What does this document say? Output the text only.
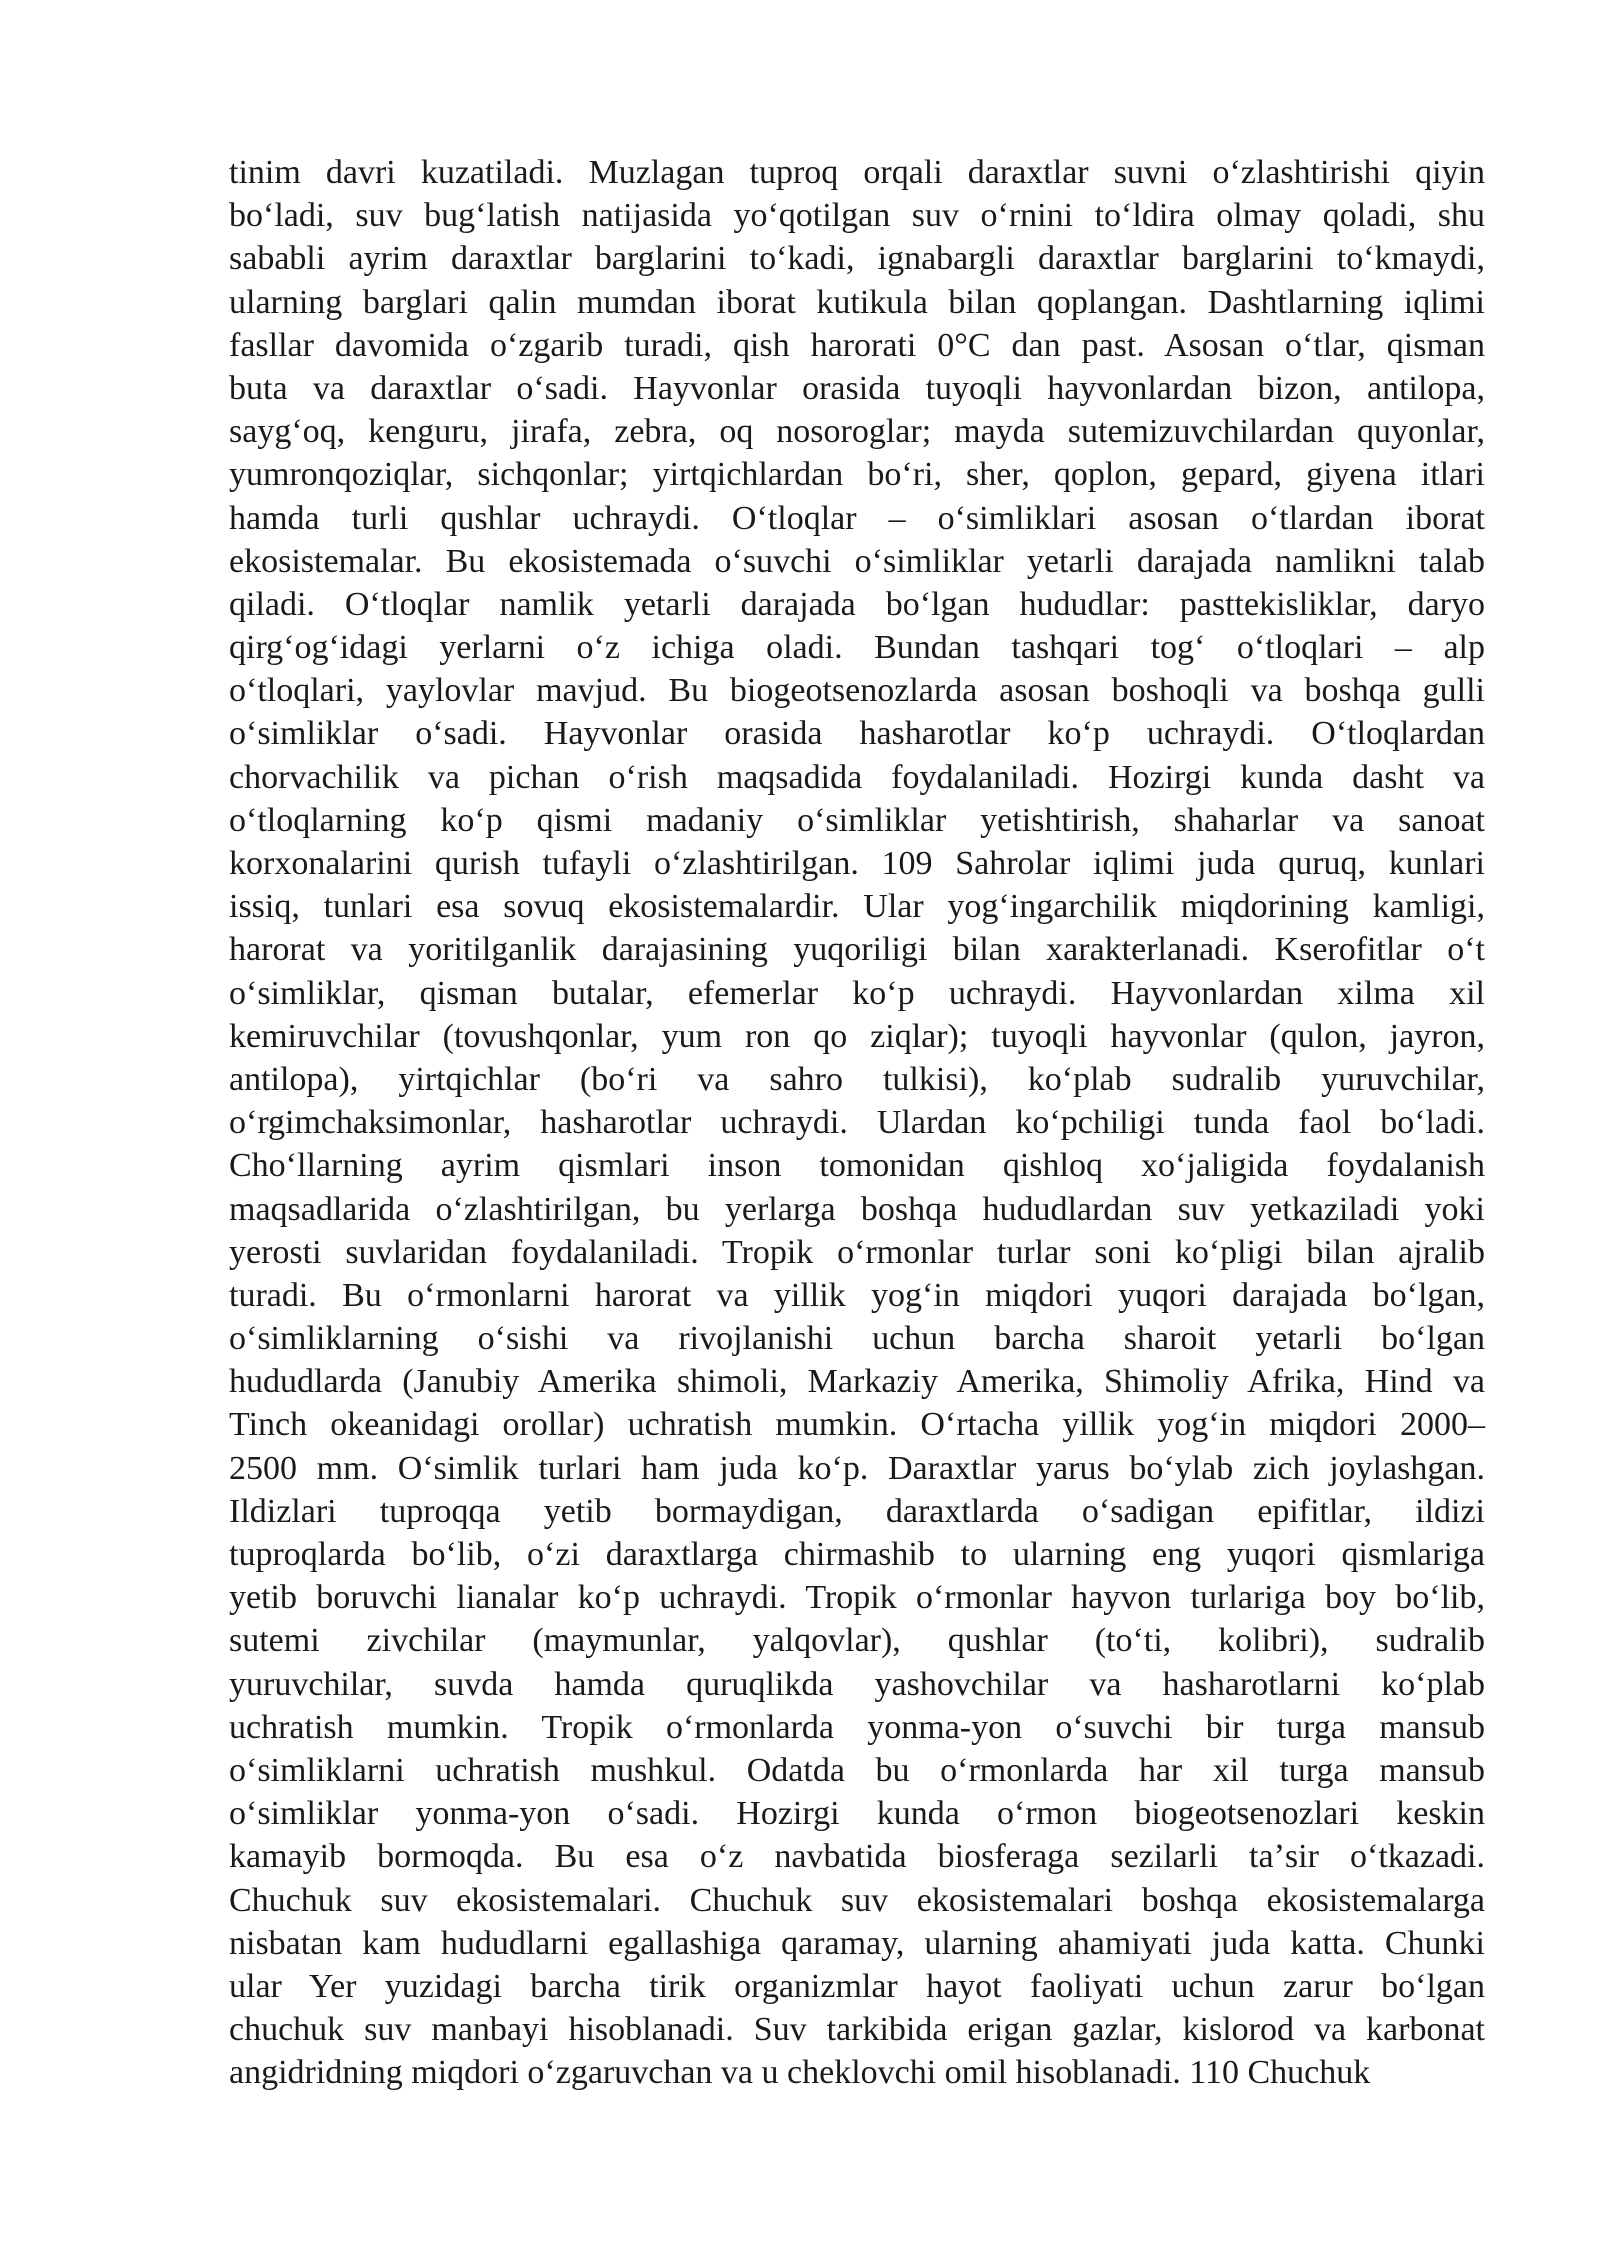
tinim davri kuzatiladi. Muzlagan tuproq orqali daraxtlar suvni oʻzlashtirishi qiyin
boʻladi, suv bugʻlatish natijasida yoʻqotilgan suv oʻrnini toʻldira olmay qoladi, shu
sababli ayrim daraxtlar barglarini toʻkadi, ignabargli daraxtlar barglarini toʻkmaydi,
ularning barglari qalin mumdan iborat kutikula bilan qoplangan. Dashtlarning iqlimi
fasllar davomida oʻzgarib turadi, qish harorati 0°C dan past. Asosan oʻtlar, qisman
buta va daraxtlar oʻsadi. Hayvonlar orasida tuyoqli hayvonlardan bizon, antilopa,
saygʻoq, kenguru, jirafa, zebra, oq nosoroglar; mayda sutemizuvchilardan quyonlar,
yumronqoziqlar, sichqonlar; yirtqichlardan boʻri, sher, qoplon, gepard, giyena itlari
hamda turli qushlar uchraydi. Oʻtloqlar – oʻsimliklari asosan oʻtlardan iborat
ekosistemalar. Bu ekosistemada oʻsuvchi oʻsimliklar yetarli darajada namlikni talab
qiladi. Oʻtloqlar namlik yetarli darajada boʻlgan hududlar: pasttekisliklar, daryo
qirgʻogʻidagi yerlarni oʻz ichiga oladi. Bundan tashqari togʻ oʻtloqlari – alp
oʻtloqlari, yaylovlar mavjud. Bu biogeotsenozlarda asosan boshoqli va boshqa gulli
oʻsimliklar oʻsadi. Hayvonlar orasida hasharotlar koʻp uchraydi. Oʻtloqlardan
chorvachilik va pichan oʻrish maqsadida foydalaniladi. Hozirgi kunda dasht va
oʻtloqlarning koʻp qismi madaniy oʻsimliklar yetishtirish, shaharlar va sanoat
korxonalarini qurish tufayli oʻzlashtirilgan. 109 Sahrolar iqlimi juda quruq, kunlari
issiq, tunlari esa sovuq ekosistemalardir. Ular yogʻingarchilik miqdorining kamligi,
harorat va yoritilganlik darajasining yuqoriligi bilan xarakterlanadi. Kserofitlar oʻt
oʻsimliklar, qisman butalar, efemerlar koʻp uchraydi. Hayvonlardan xilma xil
kemiruvchilar (tovushqonlar, yum ron qo ziqlar); tuyoqli hayvonlar (qulon, jayron,
antilopa), yirtqichlar (boʻri va sahro tulkisi), koʻplab sudralib yuruvchilar,
oʻrgimchaksimonlar, hasharotlar uchraydi. Ulardan koʻpchiligi tunda faol boʻladi.
Choʻllarning ayrim qismlari inson tomonidan qishloq xoʻjaligida foydalanish
maqsadlarida oʻzlashtirilgan, bu yerlarga boshqa hududlardan suv yetkaziladi yoki
yerosti suvlaridan foydalaniladi. Tropik oʻrmonlar turlar soni koʻpligi bilan ajralib
turadi. Bu oʻrmonlarni harorat va yillik yogʻin miqdori yuqori darajada boʻlgan,
oʻsimliklarning oʻsishi va rivojlanishi uchun barcha sharoit yetarli boʻlgan
hududlarda (Janubiy Amerika shimoli, Markaziy Amerika, Shimoliy Afrika, Hind va
Tinch okeanidagi orollar) uchratish mumkin. Oʻrtacha yillik yogʻin miqdori 2000–
2500 mm. Oʻsimlik turlari ham juda koʻp. Daraxtlar yarus boʻylab zich joylashgan.
Ildizlari tuproqqa yetib bormaydigan, daraxtlarda oʻsadigan epifitlar, ildizi
tuproqlarda boʻlib, oʻzi daraxtlarga chirmashib to ularning eng yuqori qismlariga
yetib boruvchi lianalar koʻp uchraydi. Tropik oʻrmonlar hayvon turlariga boy boʻlib,
sutemi zivchilar (maymunlar, yalqovlar), qushlar (toʻti, kolibri), sudralib
yuruvchilar, suvda hamda quruqlikda yashovchilar va hasharotlarni koʻplab
uchratish mumkin. Tropik oʻrmonlarda yonma-yon oʻsuvchi bir turga mansub
oʻsimliklarni uchratish mushkul. Odatda bu oʻrmonlarda har xil turga mansub
oʻsimliklar yonma-yon oʻsadi. Hozirgi kunda oʻrmon biogeotsenozlari keskin
kamayib bormoqda. Bu esa oʻz navbatida biosferaga sezilarli taʼsir oʻtkazadi.
Chuchuk suv ekosistemalari. Chuchuk suv ekosistemalari boshqa ekosistemalarga
nisbatan kam hududlarni egallashiga qaramay, ularning ahamiyati juda katta. Chunki
ular Yer yuzidagi barcha tirik organizmlar hayot faoliyati uchun zarur boʻlgan
chuchuk suv manbayi hisoblanadi. Suv tarkibida erigan gazlar, kislorod va karbonat
angidridning miqdori oʻzgaruvchan va u cheklovchi omil hisoblanadi. 110 Chuchuk
